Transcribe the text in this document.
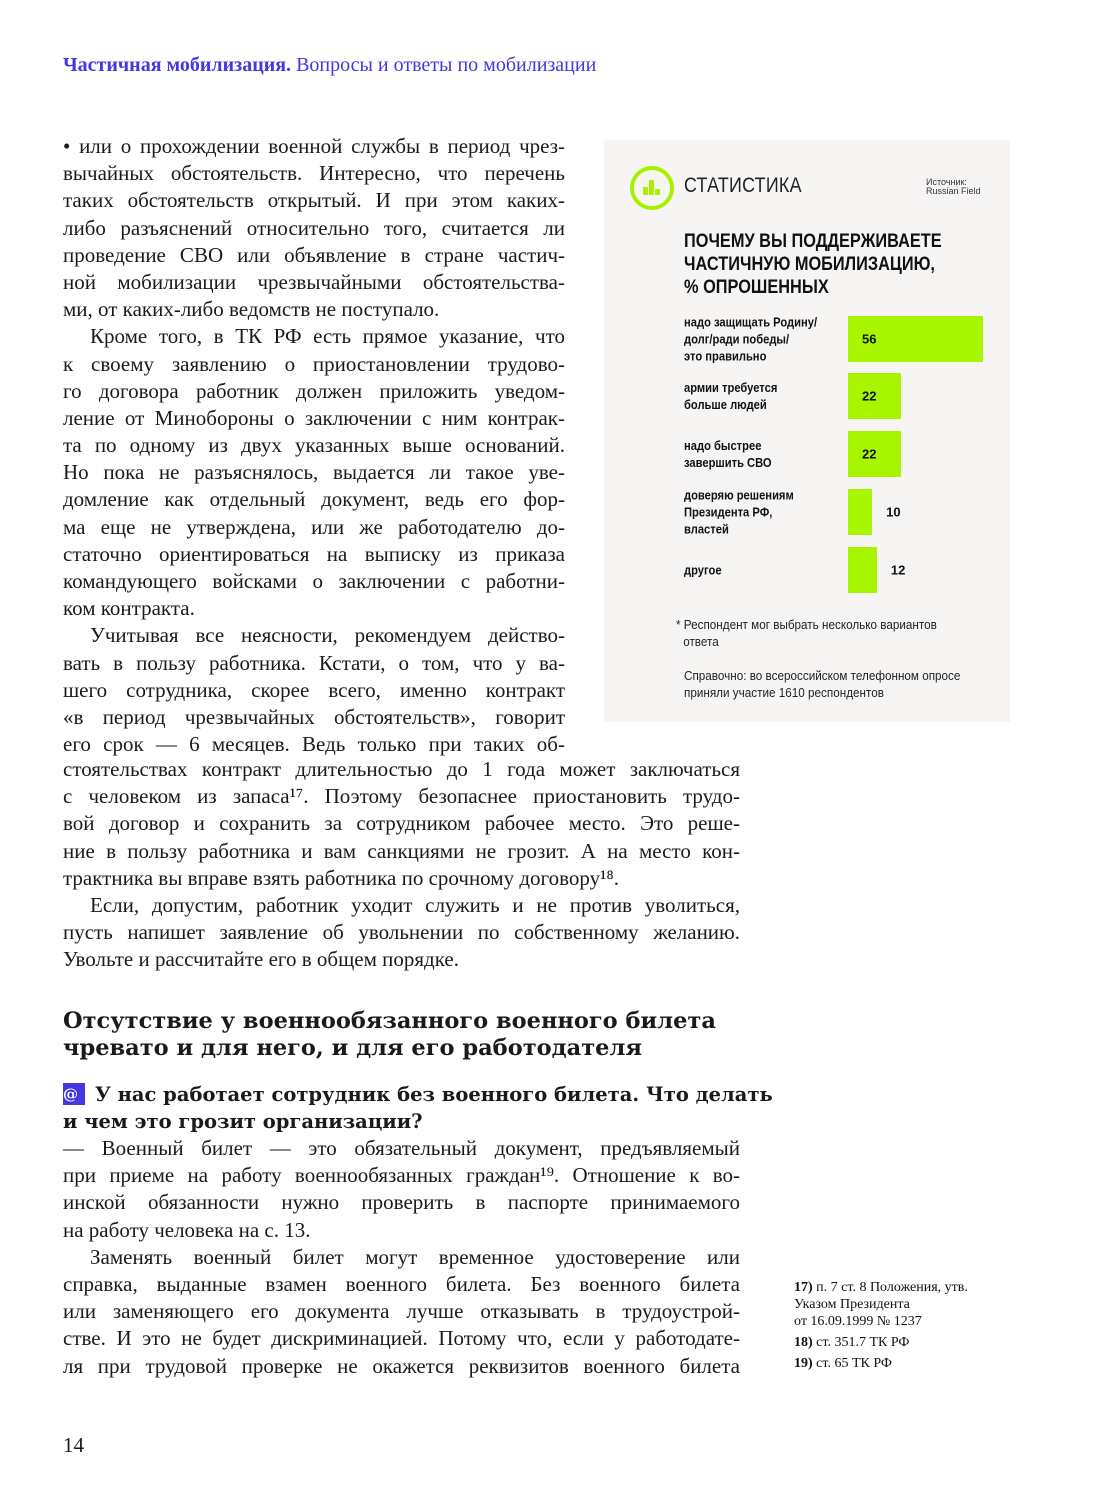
Частичная мобилизация. Вопросы и ответы по мобилизации
• или о прохождении военной службы в период чрез-
вычайных обстоятельств. Интересно, что перечень
таких обстоятельств открытый. И при этом каких-
либо разъяснений относительно того, считается ли
проведение СВО или объявление в стране частич-
ной мобилизации чрезвычайными обстоятельства-
ми, от каких-либо ведомств не поступало.
Кроме того, в ТК РФ есть прямое указание, что
к своему заявлению о приостановлении трудово-
го договора работник должен приложить уведом-
ление от Минобороны о заключении с ним контрак-
та по одному из двух указанных выше оснований.
Но пока не разъяснялось, выдается ли такое уве-
домление как отдельный документ, ведь его фор-
ма еще не утверждена, или же работодателю до-
статочно ориентироваться на выписку из приказа
командующего войсками о заключении с работни-
ком контракта.
Учитывая все неясности, рекомендуем действо-
вать в пользу работника. Кстати, о том, что у ва-
шего сотрудника, скорее всего, именно контракт
«в период чрезвычайных обстоятельств», говорит
его срок — 6 месяцев. Ведь только при таких об-
стоятельствах контракт длительностью до 1 года может заключаться
с человеком из запаса¹⁷. Поэтому безопаснее приостановить трудо-
вой договор и сохранить за сотрудником рабочее место. Это реше-
ние в пользу работника и вам санкциями не грозит. А на место кон-
трактника вы вправе взять работника по срочному договору¹⁸.
Если, допустим, работник уходит служить и не против уволиться,
пусть напишет заявление об увольнении по собственному желанию.
Увольте и рассчитайте его в общем порядке.
Отсутствие у военнообязанного военного билета
чревато и для него, и для его работодателя
@ У нас работает сотрудник без военного билета. Что делать
и чем это грозит организации?
— Военный билет — это обязательный документ, предъявляемый
при приеме на работу военнообязанных граждан¹⁹. Отношение к во-
инской обязанности нужно проверить в паспорте принимаемого
на работу человека на с. 13.
Заменять военный билет могут временное удостоверение или
справка, выданные взамен военного билета. Без военного билета
или заменяющего его документа лучше отказывать в трудоустрой-
стве. И это не будет дискриминацией. Потому что, если у работодате-
ля при трудовой проверке не окажется реквизитов военного билета
СТАТИСТИКА	Источник:
Russian Field
ПОЧЕМУ ВЫ ПОДДЕРЖИВАЕТЕ
ЧАСТИЧНУЮ МОБИЛИЗАЦИЮ,
% ОПРОШЕННЫХ
надо защищать Родину/
долг/ради победы/
это правильно
56
армии требуется
больше людей
22
надо быстрее
завершить СВО
22
доверяю решениям
Президента РФ,
властей
10
другое	12
* Респондент мог выбрать несколько вариантов
ответа
Справочно: во всероссийском телефонном опросе
приняли участие 1610 респондентов
17) п. 7 ст. 8 Положения, утв.
Указом Президента
от 16.09.1999 № 1237
18) ст. 351.7 ТК РФ
19) ст. 65 ТК РФ
14
